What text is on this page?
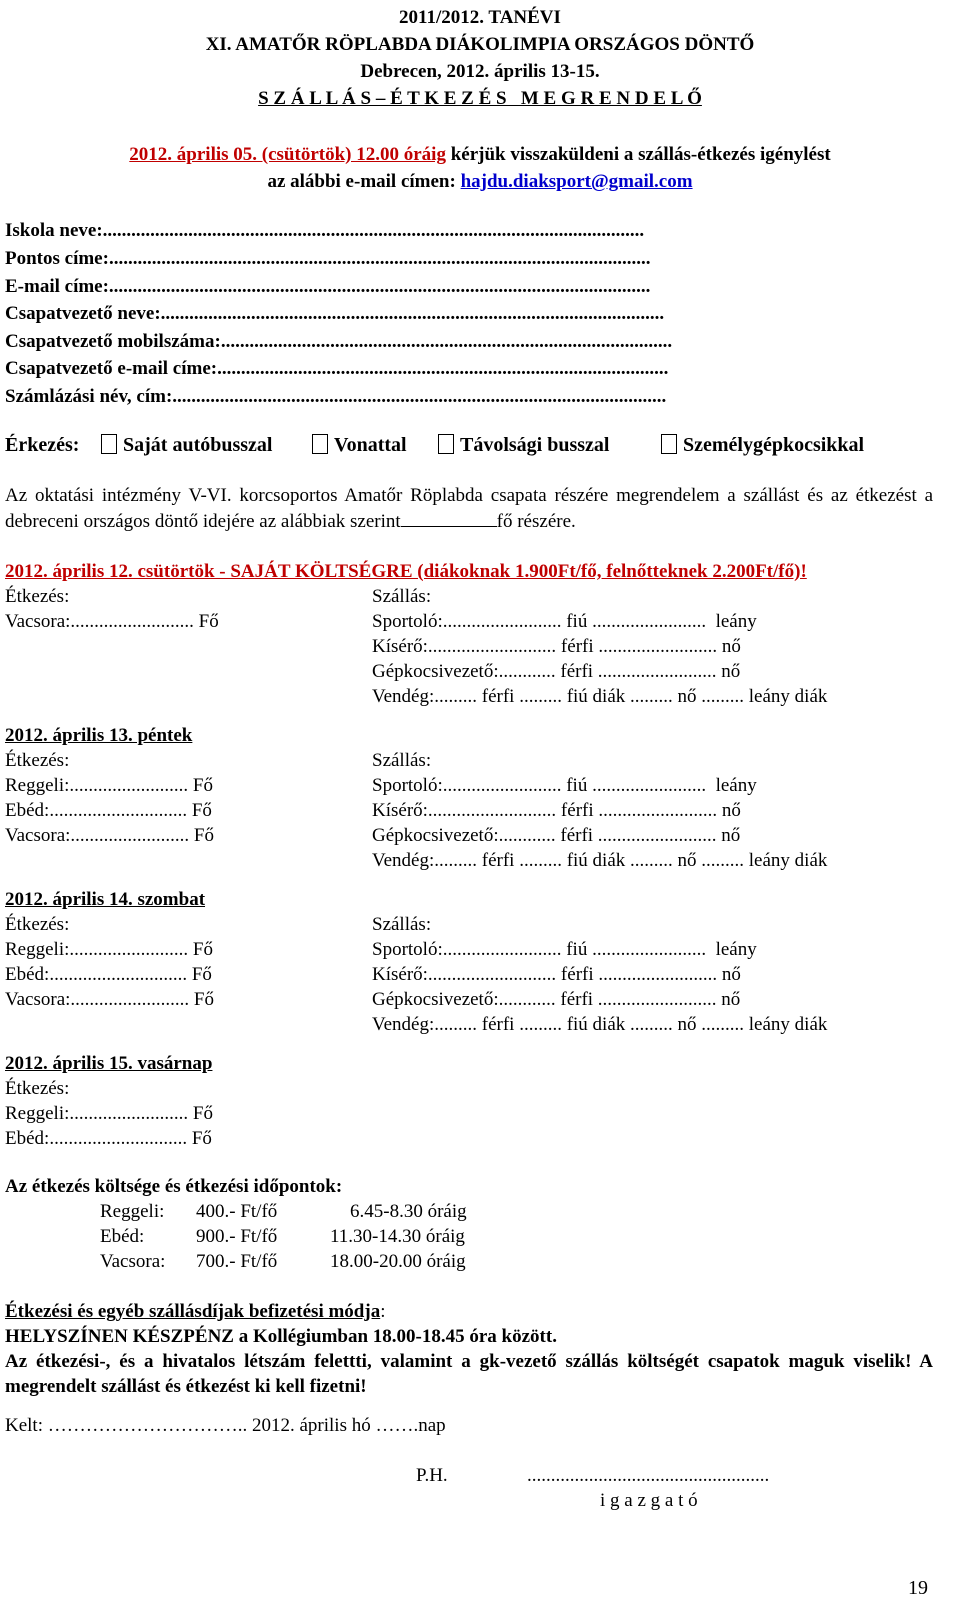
2011/2012. TANÉVI
XI. AMATŐR RÖPLABDA DIÁKOLIMPIA ORSZÁGOS DÖNTŐ
Debrecen, 2012. április 13-15.
S Z Á L L Á S – É T K E Z É S   M E G R E N D E L Ő
2012. április 05. (csütörtök) 12.00 óráig kérjük visszaküldeni a szállás-étkezés igénylést
az alábbi e-mail címen: hajdu.diaksport@gmail.com
Iskola neve:..................................................................................................................
Pontos címe:..................................................................................................................
E-mail címe:..................................................................................................................
Csapatvezető neve:..........................................................................................................
Csapatvezető mobilszáma:...............................................................................................
Csapatvezető e-mail címe:...............................................................................................
Számlázási név, cím:........................................................................................................
Érkezés:	Saját autóbusszal	Vonattal	Távolsági busszal	Személygépkocsikkal
Az oktatási intézmény V-VI. korcsoportos Amatőr Röplabda csapata részére megrendelem a szállást és az étkezést a debreceni országos döntő idejére az alábbiak szerint	fő részére.
2012. április 12. csütörtök - SAJÁT KÖLTSÉGRE (diákoknak 1.900Ft/fő, felnőtteknek 2.200Ft/fő)!
Étkezés:
Vacsora:.......................... Fő
Szállás:
Sportoló:......................... fiú ........................  leány
Kísérő:........................... férfi ......................... nő
Gépkocsivezető:............ férfi ......................... nő
Vendég:......... férfi ......... fiú diák ......... nő ......... leány diák
2012. április 13. péntek
Étkezés:
Reggeli:......................... Fő
Ebéd:............................. Fő
Vacsora:......................... Fő
Szállás:
Sportoló:......................... fiú ........................  leány
Kísérő:........................... férfi ......................... nő
Gépkocsivezető:............ férfi ......................... nő
Vendég:......... férfi ......... fiú diák ......... nő ......... leány diák
2012. április 14. szombat
Étkezés:
Reggeli:......................... Fő
Ebéd:............................. Fő
Vacsora:......................... Fő
Szállás:
Sportoló:......................... fiú ........................  leány
Kísérő:........................... férfi ......................... nő
Gépkocsivezető:............ férfi ......................... nő
Vendég:......... férfi ......... fiú diák ......... nő ......... leány diák
2012. április 15. vasárnap
Étkezés:
Reggeli:......................... Fő
Ebéd:............................. Fő
Az étkezés költsége és étkezési időpontok:
Reggeli: 400.- Ft/fő	6.45-8.30 óráig
Ebéd:	900.- Ft/fő	11.30-14.30 óráig
Vacsora: 700.- Ft/fő	18.00-20.00 óráig
Étkezési és egyéb szállásdíjak befizetési módja:
HELYSZÍNEN KÉSZPÉNZ a Kollégiumban 18.00-18.45 óra között.
Az étkezési-, és a hivatalos létszám felettti, valamint a gk-vezető szállás költségét csapatok maguk viselik! A megrendelt szállást és étkezést ki kell fizetni!
Kelt: ………………………….. 2012. április hó …….nap
P.H.	...................................................
i g a z g a t ó
19
